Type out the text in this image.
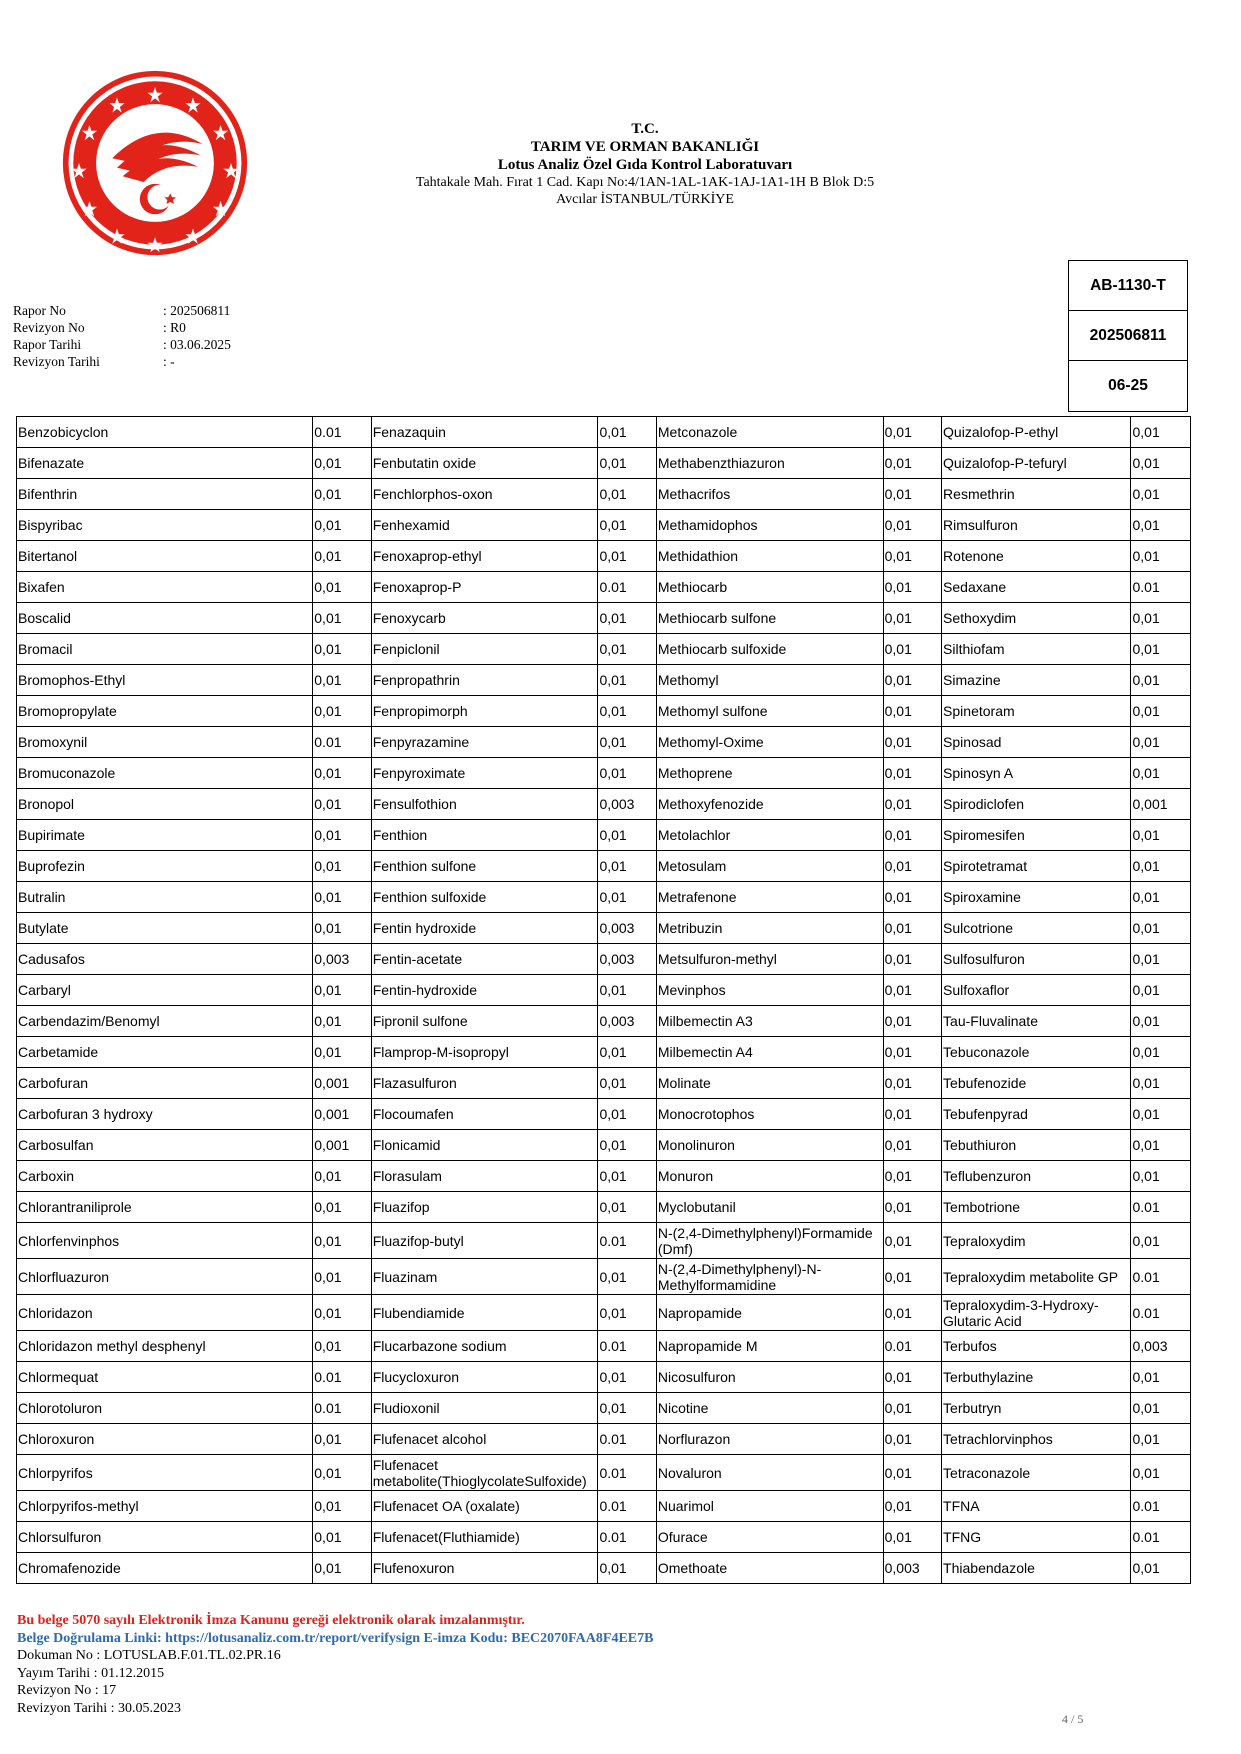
T.C.
TARIM VE ORMAN BAKANLIĞI
Lotus Analiz Özel Gıda Kontrol Laboratuvarı
Tahtakale Mah. Fırat 1 Cad. Kapı No:4/1AN-1AL-1AK-1AJ-1A1-1H B Blok D:5
Avcılar İSTANBUL/TÜRKİYE
Rapor No	: 202506811
Revizyon No	: R0
Rapor Tarihi	: 03.06.2025
Revizyon Tarihi	: -
AB-1130-T
202506811
06-25
Benzobicyclon	0.01	Fenazaquin	0,01	Metconazole	0,01	Quizalofop-P-ethyl	0,01
Bifenazate	0,01	Fenbutatin oxide	0,01	Methabenzthiazuron	0,01	Quizalofop-P-tefuryl	0,01
Bifenthrin	0,01	Fenchlorphos-oxon	0,01	Methacrifos	0,01	Resmethrin	0,01
Bispyribac	0,01	Fenhexamid	0,01	Methamidophos	0,01	Rimsulfuron	0,01
Bitertanol	0,01	Fenoxaprop-ethyl	0,01	Methidathion	0,01	Rotenone	0,01
Bixafen	0,01	Fenoxaprop-P	0.01	Methiocarb	0,01	Sedaxane	0.01
Boscalid	0,01	Fenoxycarb	0,01	Methiocarb sulfone	0,01	Sethoxydim	0,01
Bromacil	0,01	Fenpiclonil	0,01	Methiocarb sulfoxide	0,01	Silthiofam	0,01
Bromophos-Ethyl	0,01	Fenpropathrin	0,01	Methomyl	0,01	Simazine	0,01
Bromopropylate	0,01	Fenpropimorph	0,01	Methomyl sulfone	0,01	Spinetoram	0,01
Bromoxynil	0.01	Fenpyrazamine	0,01	Methomyl-Oxime	0,01	Spinosad	0,01
Bromuconazole	0,01	Fenpyroximate	0,01	Methoprene	0,01	Spinosyn A	0,01
Bronopol	0,01	Fensulfothion	0,003	Methoxyfenozide	0,01	Spirodiclofen	0,001
Bupirimate	0,01	Fenthion	0,01	Metolachlor	0,01	Spiromesifen	0,01
Buprofezin	0,01	Fenthion sulfone	0,01	Metosulam	0,01	Spirotetramat	0,01
Butralin	0,01	Fenthion sulfoxide	0,01	Metrafenone	0,01	Spiroxamine	0,01
Butylate	0,01	Fentin hydroxide	0,003	Metribuzin	0,01	Sulcotrione	0,01
Cadusafos	0,003	Fentin-acetate	0,003	Metsulfuron-methyl	0,01	Sulfosulfuron	0,01
Carbaryl	0,01	Fentin-hydroxide	0,01	Mevinphos	0,01	Sulfoxaflor	0,01
Carbendazim/Benomyl	0,01	Fipronil sulfone	0,003	Milbemectin A3	0,01	Tau-Fluvalinate	0,01
Carbetamide	0,01	Flamprop-M-isopropyl	0,01	Milbemectin A4	0,01	Tebuconazole	0,01
Carbofuran	0,001	Flazasulfuron	0,01	Molinate	0,01	Tebufenozide	0,01
Carbofuran 3 hydroxy	0,001	Flocoumafen	0,01	Monocrotophos	0,01	Tebufenpyrad	0,01
Carbosulfan	0,001	Flonicamid	0,01	Monolinuron	0,01	Tebuthiuron	0,01
Carboxin	0,01	Florasulam	0,01	Monuron	0,01	Teflubenzuron	0,01
Chlorantraniliprole	0,01	Fluazifop	0,01	Myclobutanil	0,01	Tembotrione	0.01
Chlorfenvinphos	0,01	Fluazifop-butyl	0.01	N-(2,4-Dimethylphenyl)Formamide (Dmf)	0,01	Tepraloxydim	0,01
Chlorfluazuron	0,01	Fluazinam	0,01	N-(2,4-Dimethylphenyl)-N-Methylformamidine	0,01	Tepraloxydim metabolite GP	0.01
Chloridazon	0,01	Flubendiamide	0,01	Napropamide	0,01	Tepraloxydim-3-Hydroxy-Glutaric Acid	0.01
Chloridazon methyl desphenyl	0,01	Flucarbazone sodium	0.01	Napropamide M	0.01	Terbufos	0,003
Chlormequat	0.01	Flucycloxuron	0,01	Nicosulfuron	0,01	Terbuthylazine	0,01
Chlorotoluron	0.01	Fludioxonil	0,01	Nicotine	0,01	Terbutryn	0,01
Chloroxuron	0,01	Flufenacet alcohol	0.01	Norflurazon	0,01	Tetrachlorvinphos	0,01
Chlorpyrifos	0,01	Flufenacet metabolite(ThioglycolateSulfoxide)	0.01	Novaluron	0,01	Tetraconazole	0,01
Chlorpyrifos-methyl	0,01	Flufenacet OA (oxalate)	0.01	Nuarimol	0,01	TFNA	0.01
Chlorsulfuron	0,01	Flufenacet(Fluthiamide)	0.01	Ofurace	0,01	TFNG	0.01
Chromafenozide	0,01	Flufenoxuron	0,01	Omethoate	0,003	Thiabendazole	0,01
Bu belge 5070 sayılı Elektronik İmza Kanunu gereği elektronik olarak imzalanmıştır.
Belge Doğrulama Linki: https://lotusanaliz.com.tr/report/verifysign E-imza Kodu: BEC2070FAA8F4EE7B
Dokuman No : LOTUSLAB.F.01.TL.02.PR.16
Yayım Tarihi : 01.12.2015
Revizyon No : 17
Revizyon Tarihi : 30.05.2023
4 / 5
